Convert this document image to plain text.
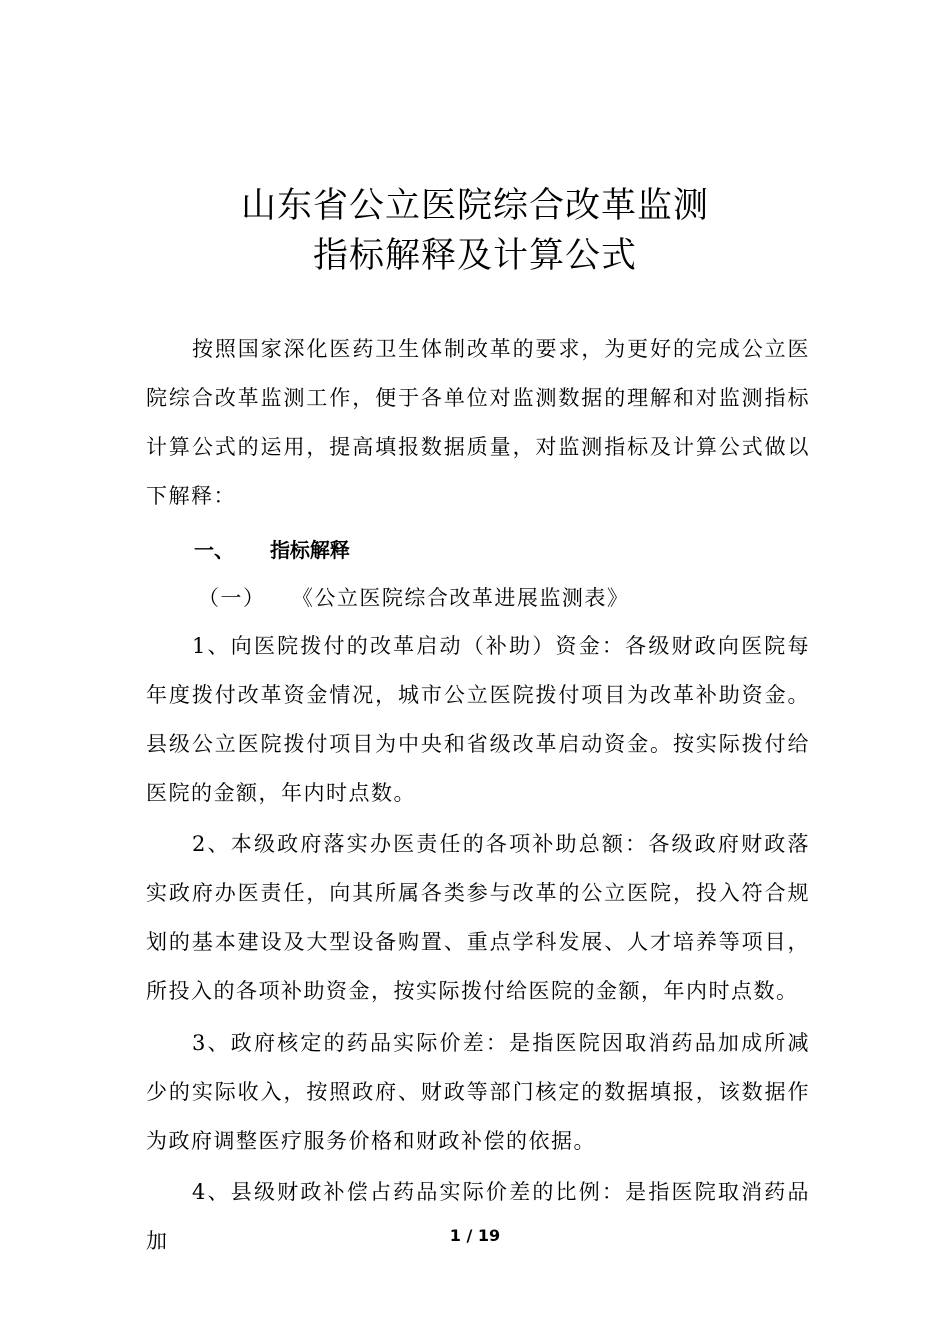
山东省公立医院综合改革监测
指标解释及计算公式

按照国家深化医药卫生体制改革的要求，为更好的完成公立医院综合改革监测工作，便于各单位对监测数据的理解和对监测指标计算公式的运用，提高填报数据质量，对监测指标及计算公式做以下解释：

一、 指标解释
（一） 《公立医院综合改革进展监测表》

1、向医院拨付的改革启动（补助）资金：各级财政向医院每年度拨付改革资金情况，城市公立医院拨付项目为改革补助资金。县级公立医院拨付项目为中央和省级改革启动资金。按实际拨付给医院的金额，年内时点数。

2、本级政府落实办医责任的各项补助总额：各级政府财政落实政府办医责任，向其所属各类参与改革的公立医院，投入符合规划的基本建设及大型设备购置、重点学科发展、人才培养等项目，所投入的各项补助资金，按实际拨付给医院的金额，年内时点数。

3、政府核定的药品实际价差：是指医院因取消药品加成所减少的实际收入，按照政府、财政等部门核定的数据填报，该数据作为政府调整医疗服务价格和财政补偿的依据。

4、县级财政补偿占药品实际价差的比例：是指医院取消药品加	1 / 19
